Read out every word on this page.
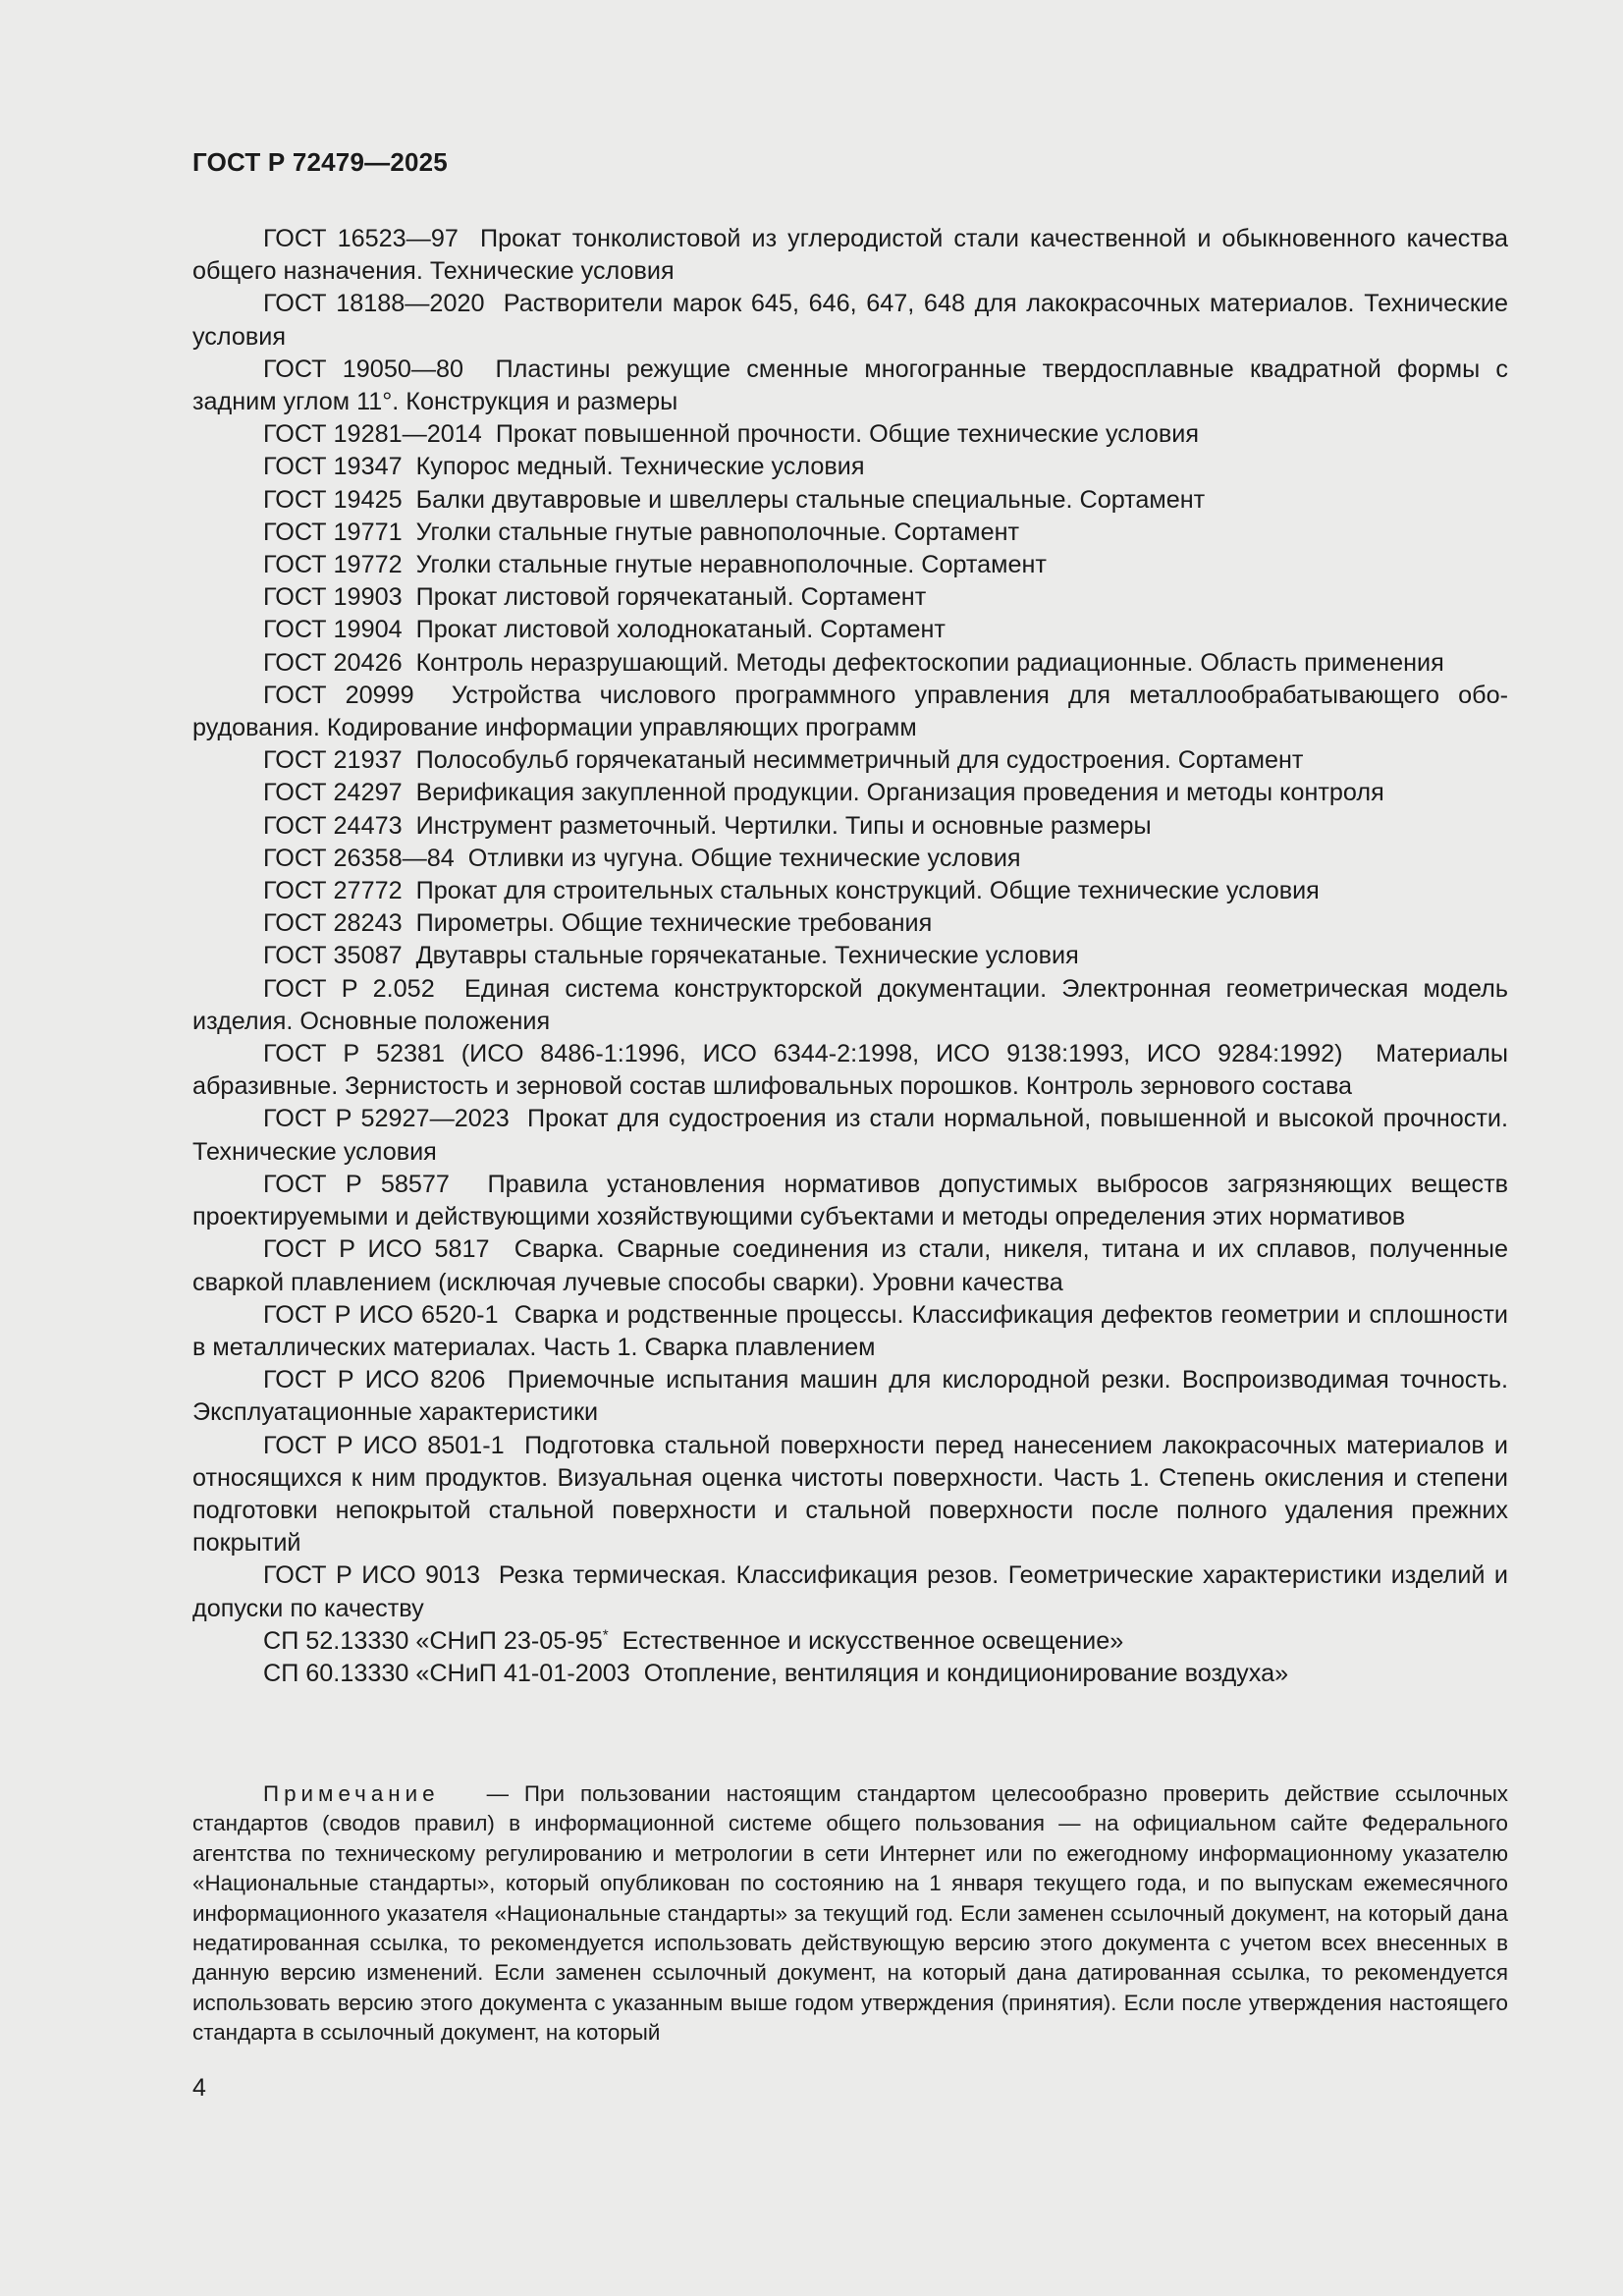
ГОСТ Р 72479—2025

ГОСТ 16523—97 Прокат тонколистовой из углеродистой стали качественной и обыкновенного качества общего назначения. Технические условия

ГОСТ 18188—2020 Растворители марок 645, 646, 647, 648 для лакокрасочных материалов. Технические условия

ГОСТ 19050—80 Пластины режущие сменные многогранные твердосплавные квадратной формы с задним углом 11°. Конструкция и размеры

ГОСТ 19281—2014 Прокат повышенной прочности. Общие технические условия

ГОСТ 19347 Купорос медный. Технические условия

ГОСТ 19425 Балки двутавровые и швеллеры стальные специальные. Сортамент

ГОСТ 19771 Уголки стальные гнутые равнополочные. Сортамент

ГОСТ 19772 Уголки стальные гнутые неравнополочные. Сортамент

ГОСТ 19903 Прокат листовой горячекатаный. Сортамент

ГОСТ 19904 Прокат листовой холоднокатаный. Сортамент

ГОСТ 20426 Контроль неразрушающий. Методы дефектоскопии радиационные. Область применения

ГОСТ 20999 Устройства числового программного управления для металлообрабатывающего оборудования. Кодирование информации управляющих программ

ГОСТ 21937 Полособульб горячекатаный несимметричный для судостроения. Сортамент

ГОСТ 24297 Верификация закупленной продукции. Организация проведения и методы контроля

ГОСТ 24473 Инструмент разметочный. Чертилки. Типы и основные размеры

ГОСТ 26358—84 Отливки из чугуна. Общие технические условия

ГОСТ 27772 Прокат для строительных стальных конструкций. Общие технические условия

ГОСТ 28243 Пирометры. Общие технические требования

ГОСТ 35087 Двутавры стальные горячекатаные. Технические условия

ГОСТ Р 2.052 Единая система конструкторской документации. Электронная геометрическая модель изделия. Основные положения

ГОСТ Р 52381 (ИСО 8486-1:1996, ИСО 6344-2:1998, ИСО 9138:1993, ИСО 9284:1992) Материалы абразивные. Зернистость и зерновой состав шлифовальных порошков. Контроль зернового состава

ГОСТ Р 52927—2023 Прокат для судостроения из стали нормальной, повышенной и высокой прочности. Технические условия

ГОСТ Р 58577 Правила установления нормативов допустимых выбросов загрязняющих веществ проектируемыми и действующими хозяйствующими субъектами и методы определения этих нормативов

ГОСТ Р ИСО 5817 Сварка. Сварные соединения из стали, никеля, титана и их сплавов, полученные сваркой плавлением (исключая лучевые способы сварки). Уровни качества

ГОСТ Р ИСО 6520-1 Сварка и родственные процессы. Классификация дефектов геометрии и сплошности в металлических материалах. Часть 1. Сварка плавлением

ГОСТ Р ИСО 8206 Приемочные испытания машин для кислородной резки. Воспроизводимая точность. Эксплуатационные характеристики

ГОСТ Р ИСО 8501-1 Подготовка стальной поверхности перед нанесением лакокрасочных материалов и относящихся к ним продуктов. Визуальная оценка чистоты поверхности. Часть 1. Степень окисления и степени подготовки непокрытой стальной поверхности и стальной поверхности после полного удаления прежних покрытий

ГОСТ Р ИСО 9013 Резка термическая. Классификация резов. Геометрические характеристики изделий и допуски по качеству

СП 52.13330 «СНиП 23-05-95* Естественное и искусственное освещение»

СП 60.13330 «СНиП 41-01-2003 Отопление, вентиляция и кондиционирование воздуха»

Примечание — При пользовании настоящим стандартом целесообразно проверить действие ссылочных стандартов (сводов правил) в информационной системе общего пользования — на официальном сайте Федерального агентства по техническому регулированию и метрологии в сети Интернет или по ежегодному информационному указателю «Национальные стандарты», который опубликован по состоянию на 1 января текущего года, и по выпускам ежемесячного информационного указателя «Национальные стандарты» за текущий год. Если заменен ссылочный документ, на который дана недатированная ссылка, то рекомендуется использовать действующую версию этого документа с учетом всех внесенных в данную версию изменений. Если заменен ссылочный документ, на который дана датированная ссылка, то рекомендуется использовать версию этого документа с указанным выше годом утверждения (принятия). Если после утверждения настоящего стандарта в ссылочный документ, на который

4
